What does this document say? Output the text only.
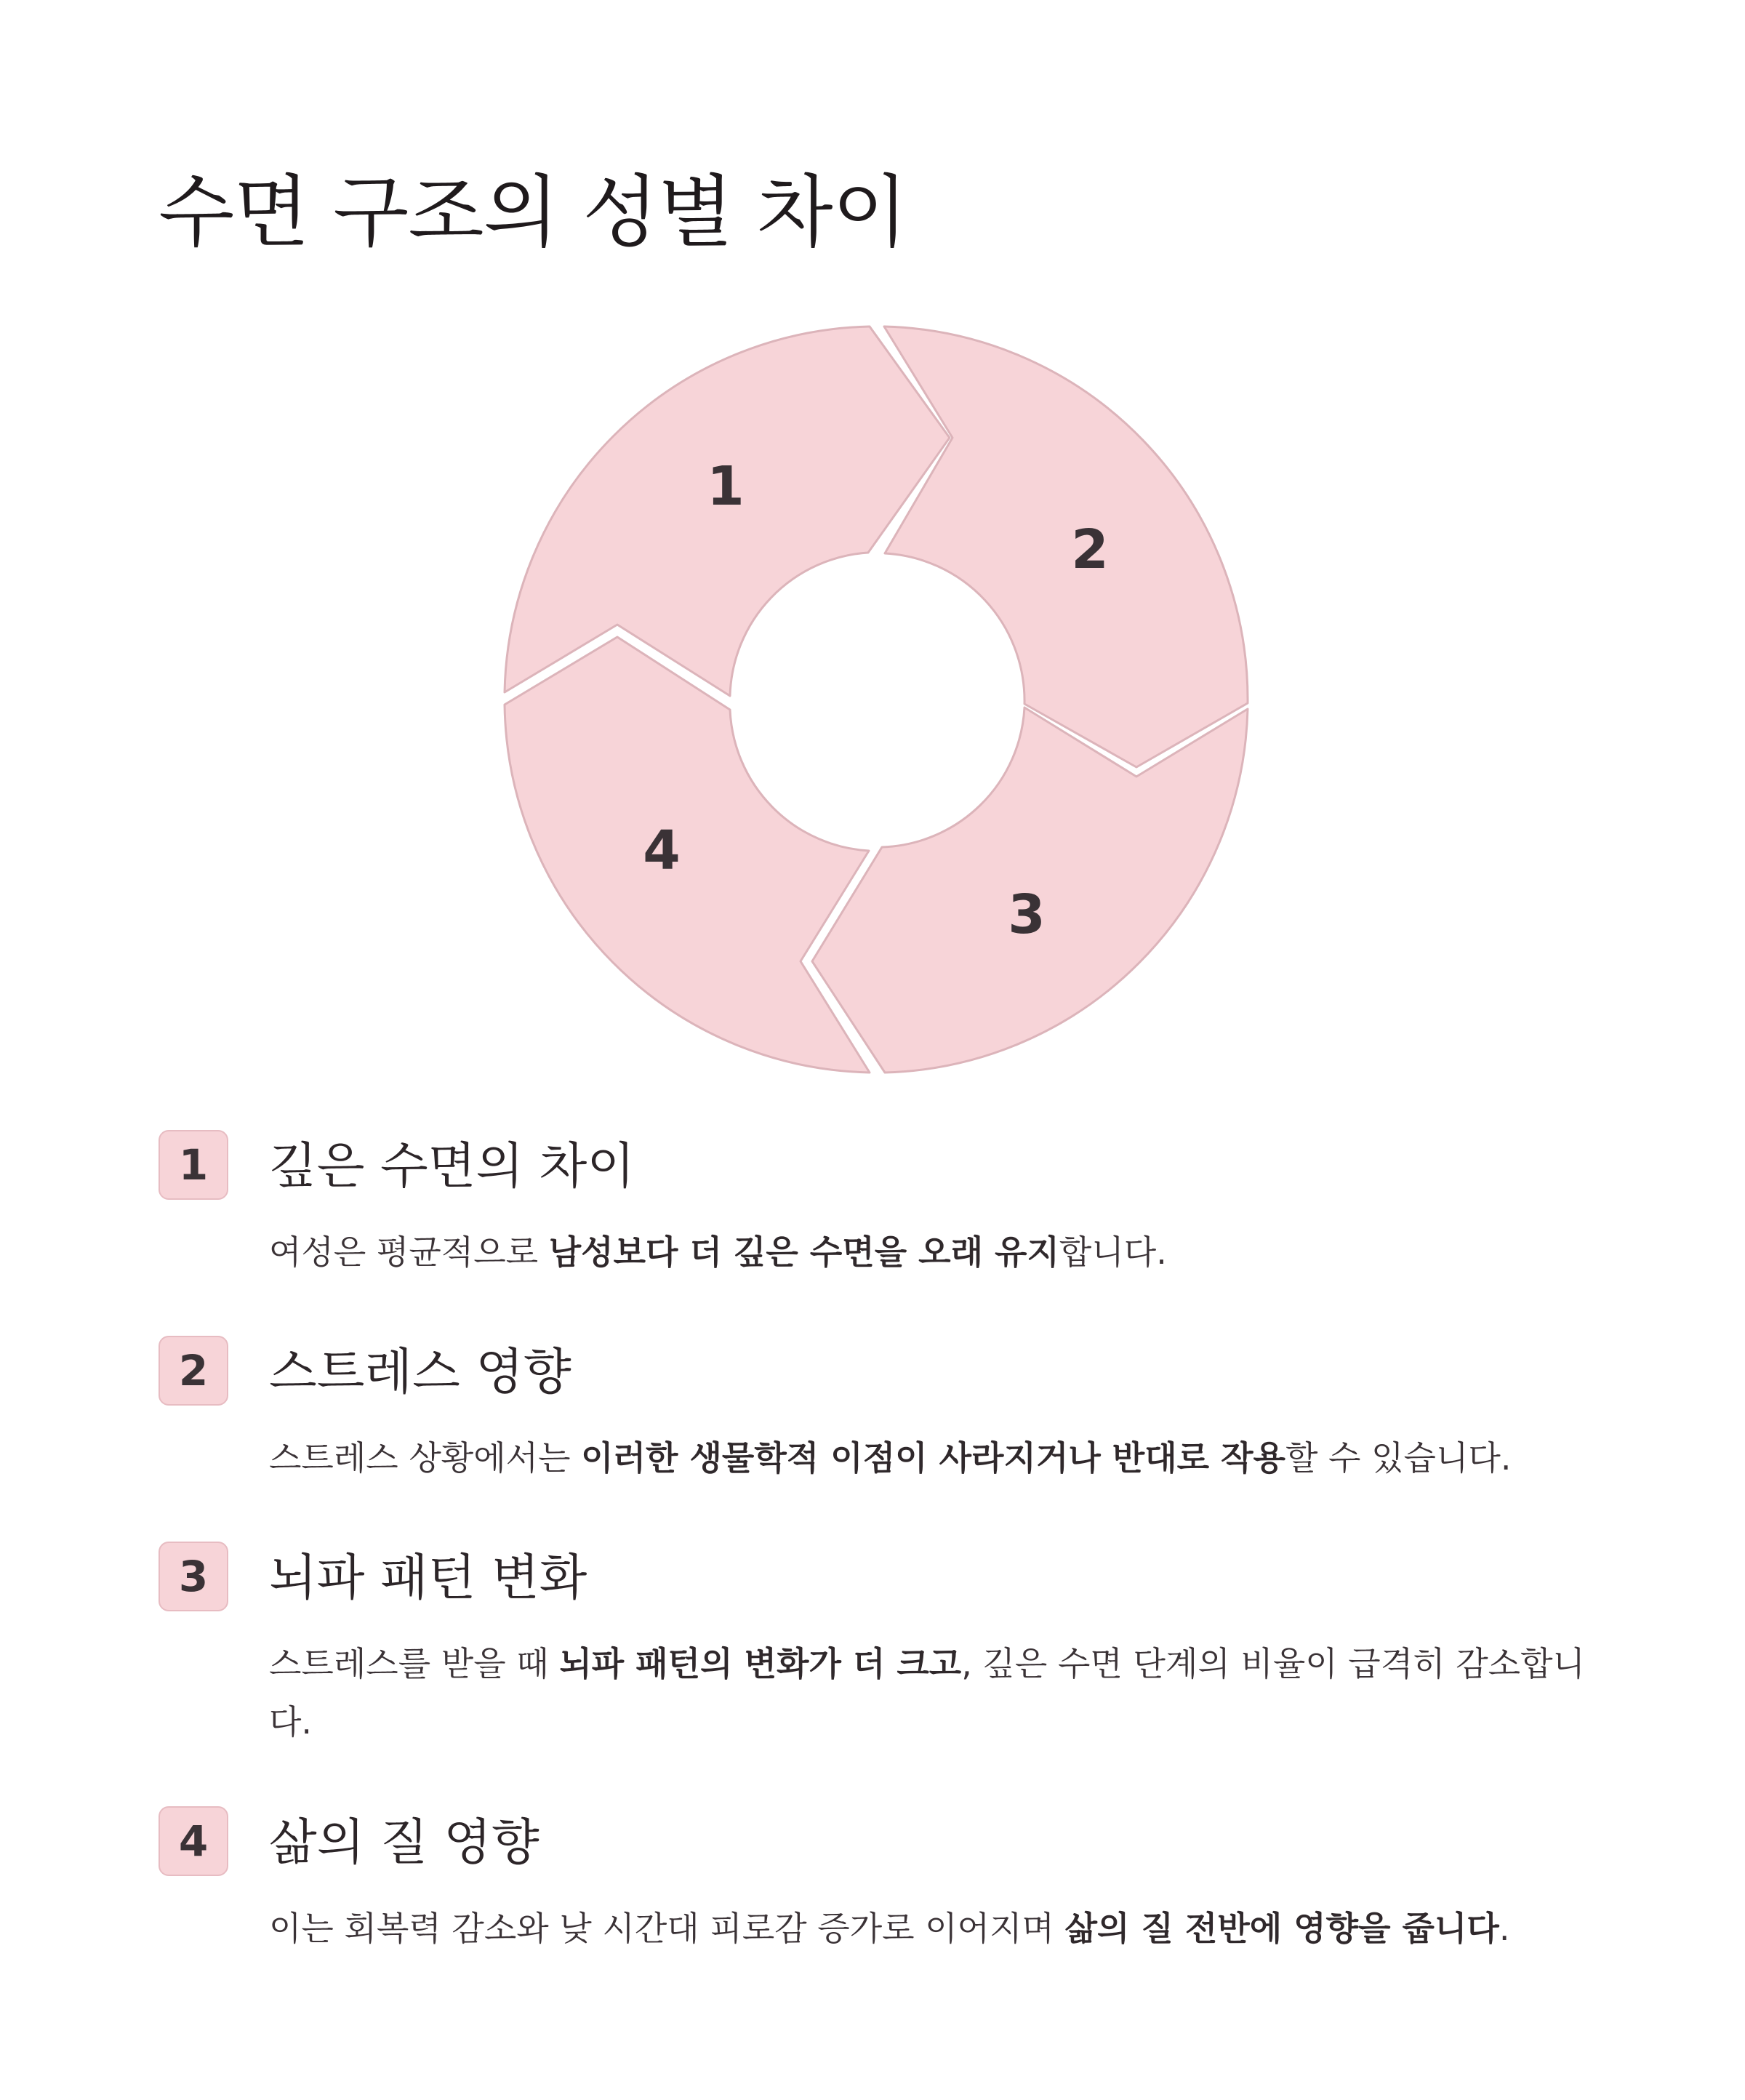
수면 구조의 성별 차이
1
2
3
4
1	깊은 수면의 차이

여성은 평균적으로 남성보다 더 깊은 수면을 오래 유지합니다.

2	스트레스 영향

스트레스 상황에서는 이러한 생물학적 이점이 사라지거나 반대로 작용할 수 있습니다.

3	뇌파 패턴 변화

스트레스를 받을 때 뇌파 패턴의 변화가 더 크고, 깊은 수면 단계의 비율이 급격히 감소합니다.

4	삶의 질 영향

이는 회복력 감소와 낮 시간대 피로감 증가로 이어지며 삶의 질 전반에 영향을 줍니다.
